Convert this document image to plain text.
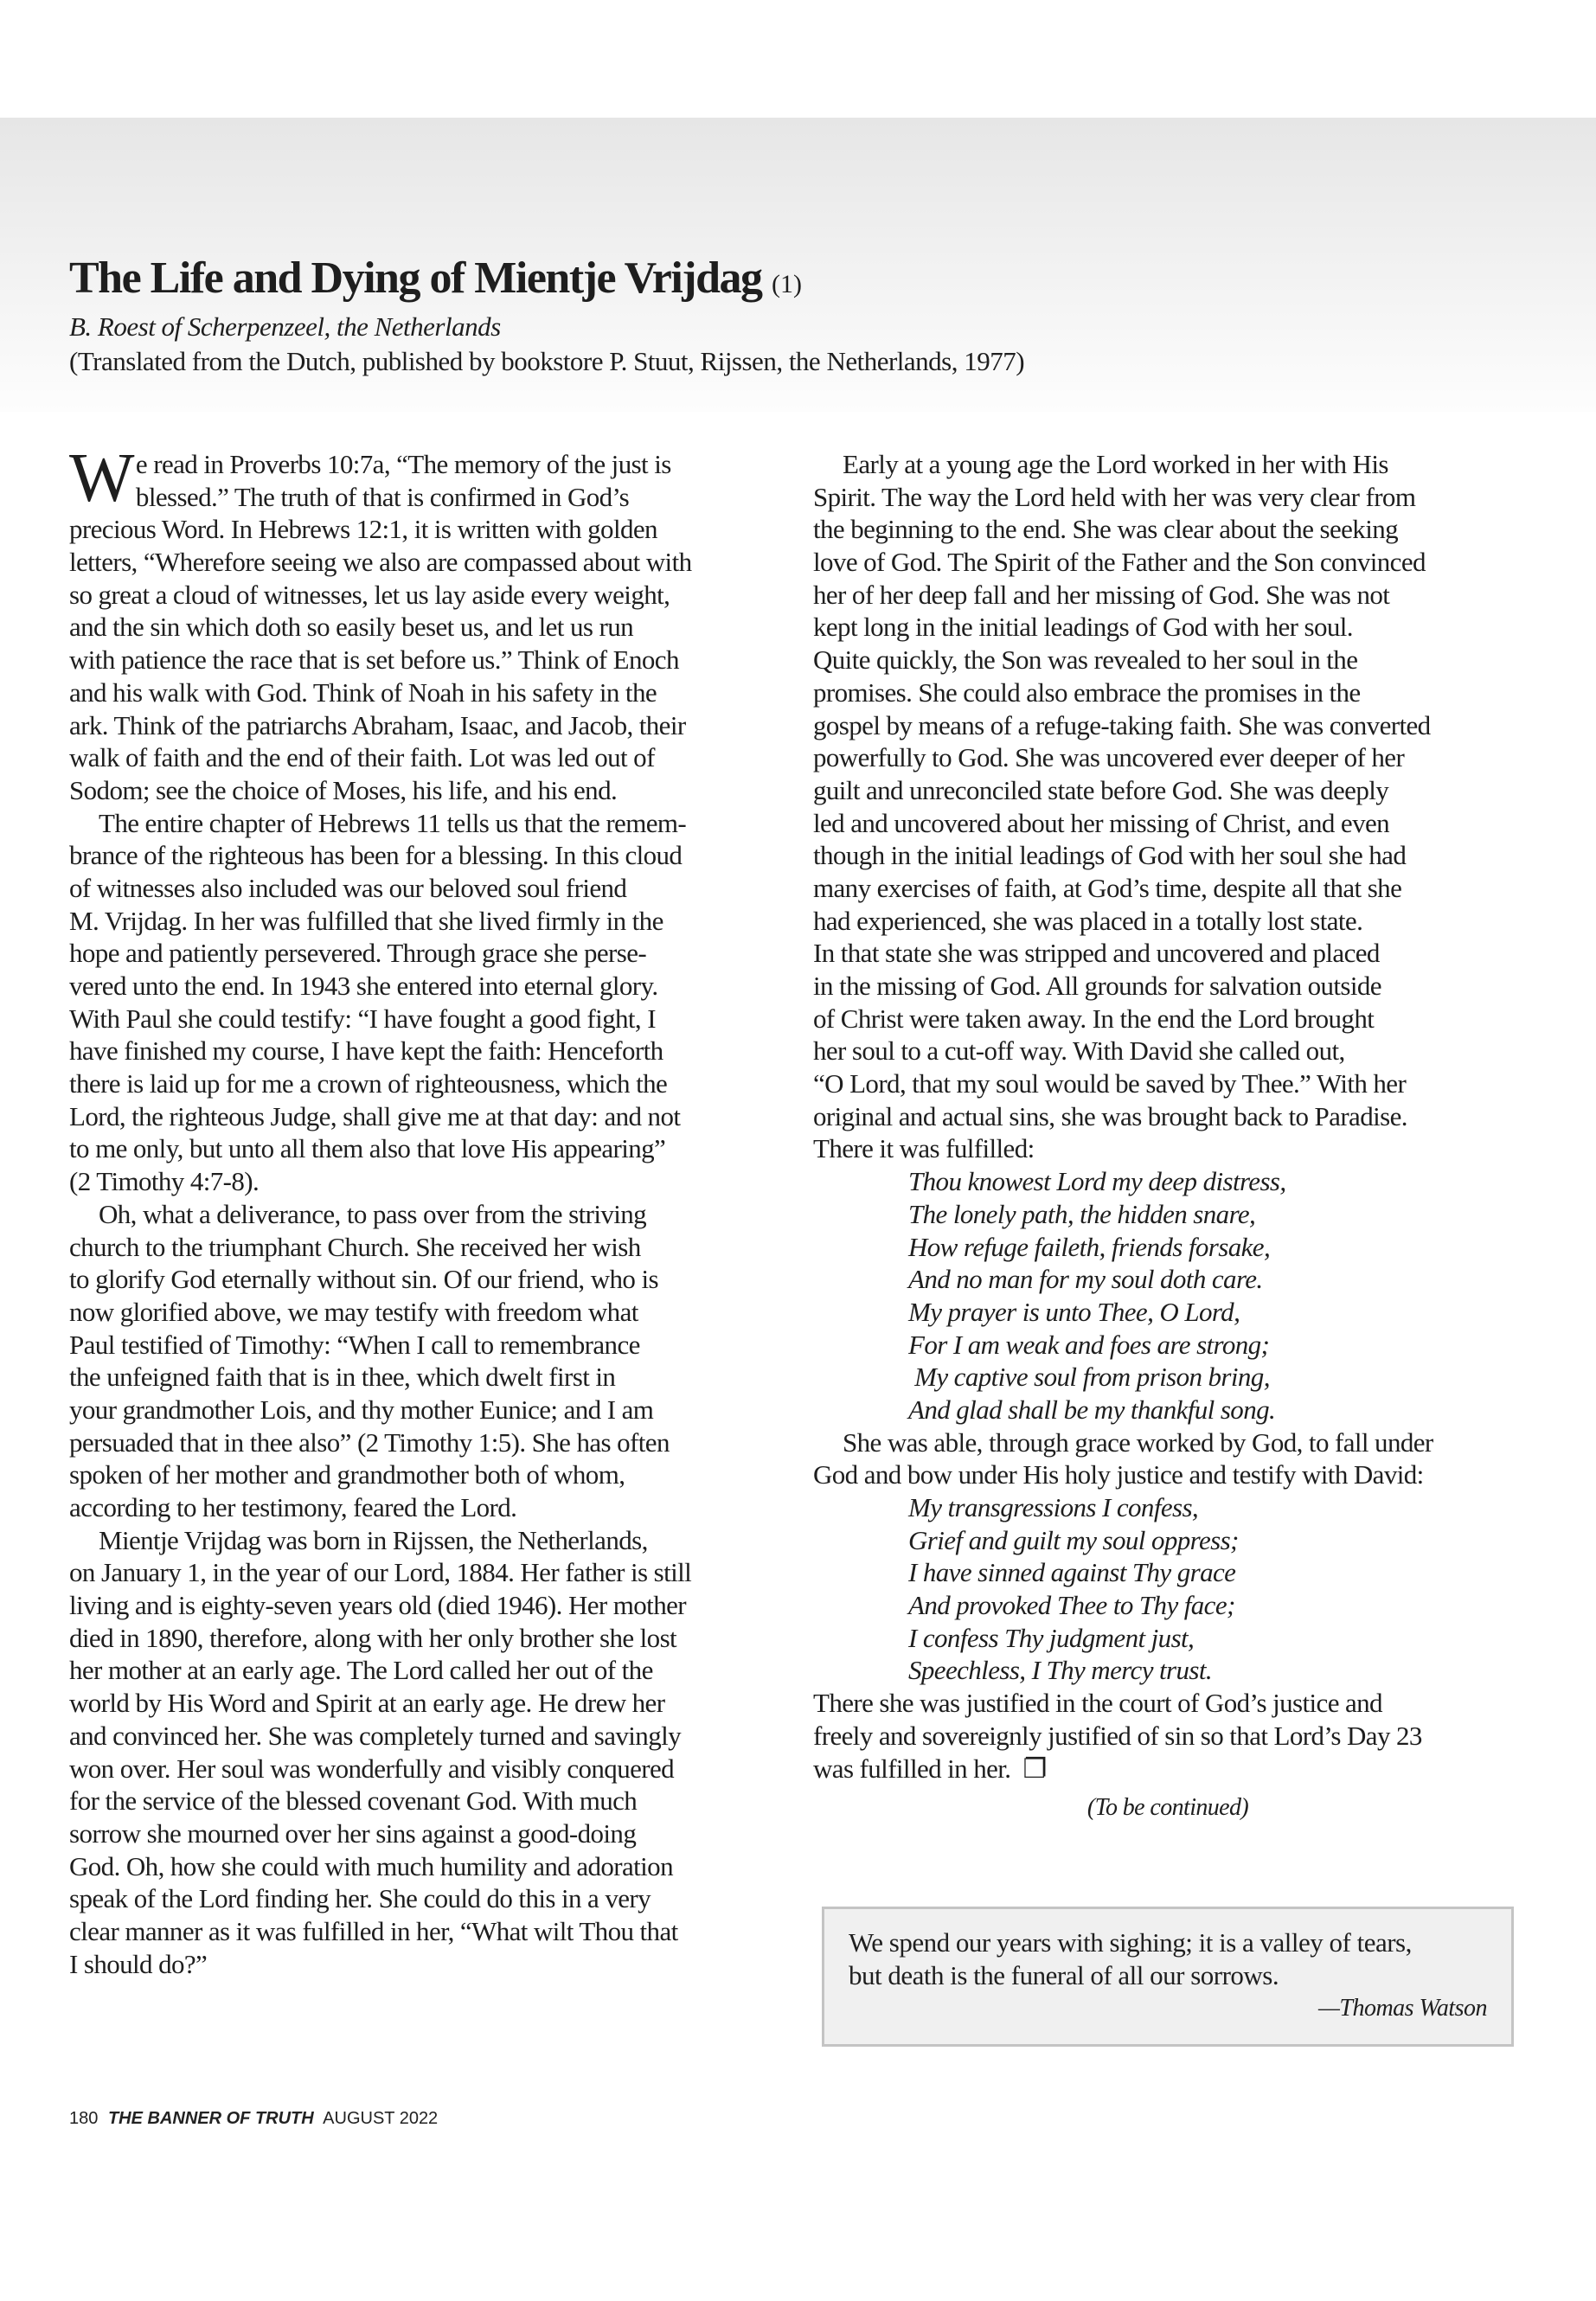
The Life and Dying of Mientje Vrijdag (1)
B. Roest of Scherpenzeel, the Netherlands
(Translated from the Dutch, published by bookstore P. Stuut, Rijssen, the Netherlands, 1977)
W e read in Proverbs 10:7a, “The memory of the just is
blessed.” The truth of that is confirmed in God’s
precious Word. In Hebrews 12:1, it is written with golden
letters, “Wherefore seeing we also are compassed about with
so great a cloud of witnesses, let us lay aside every weight,
and the sin which doth so easily beset us, and let us run
with patience the race that is set before us.” Think of Enoch
and his walk with God. Think of Noah in his safety in the
ark. Think of the patriarchs Abraham, Isaac, and Jacob, their
walk of faith and the end of their faith. Lot was led out of
Sodom; see the choice of Moses, his life, and his end.
The entire chapter of Hebrews 11 tells us that the remem-
brance of the righteous has been for a blessing. In this cloud
of witnesses also included was our beloved soul friend
M. Vrijdag. In her was fulfilled that she lived firmly in the
hope and patiently persevered. Through grace she perse-
vered unto the end. In 1943 she entered into eternal glory.
With Paul she could testify: “I have fought a good fight, I
have finished my course, I have kept the faith: Henceforth
there is laid up for me a crown of righteousness, which the
Lord, the righteous Judge, shall give me at that day: and not
to me only, but unto all them also that love His appearing”
(2 Timothy 4:7-8).
Oh, what a deliverance, to pass over from the striving
church to the triumphant Church. She received her wish
to glorify God eternally without sin. Of our friend, who is
now glorified above, we may testify with freedom what
Paul testified of Timothy: “When I call to remembrance
the unfeigned faith that is in thee, which dwelt first in
your grandmother Lois, and thy mother Eunice; and I am
persuaded that in thee also” (2 Timothy 1:5). She has often
spoken of her mother and grandmother both of whom,
according to her testimony, feared the Lord.
Mientje Vrijdag was born in Rijssen, the Netherlands,
on January 1, in the year of our Lord, 1884. Her father is still
living and is eighty-seven years old (died 1946). Her mother
died in 1890, therefore, along with her only brother she lost
her mother at an early age. The Lord called her out of the
world by His Word and Spirit at an early age. He drew her
and convinced her. She was completely turned and savingly
won over. Her soul was wonderfully and visibly conquered
for the service of the blessed covenant God. With much
sorrow she mourned over her sins against a good-doing
God. Oh, how she could with much humility and adoration
speak of the Lord finding her. She could do this in a very
clear manner as it was fulfilled in her, “What wilt Thou that
I should do?”
Early at a young age the Lord worked in her with His
Spirit. The way the Lord held with her was very clear from
the beginning to the end. She was clear about the seeking
love of God. The Spirit of the Father and the Son convinced
her of her deep fall and her missing of God. She was not
kept long in the initial leadings of God with her soul.
Quite quickly, the Son was revealed to her soul in the
promises. She could also embrace the promises in the
gospel by means of a refuge-taking faith. She was converted
powerfully to God. She was uncovered ever deeper of her
guilt and unreconciled state before God. She was deeply
led and uncovered about her missing of Christ, and even
though in the initial leadings of God with her soul she had
many exercises of faith, at God’s time, despite all that she
had experienced, she was placed in a totally lost state.
In that state she was stripped and uncovered and placed
in the missing of God. All grounds for salvation outside
of Christ were taken away. In the end the Lord brought
her soul to a cut-off way. With David she called out,
“O Lord, that my soul would be saved by Thee.” With her
original and actual sins, she was brought back to Paradise.
There it was fulfilled:
Thou knowest Lord my deep distress,
The lonely path, the hidden snare,
How refuge faileth, friends forsake,
And no man for my soul doth care.
My prayer is unto Thee, O Lord,
For I am weak and foes are strong;
My captive soul from prison bring,
And glad shall be my thankful song.
She was able, through grace worked by God, to fall under
God and bow under His holy justice and testify with David:
My transgressions I confess,
Grief and guilt my soul oppress;
I have sinned against Thy grace
And provoked Thee to Thy face;
I confess Thy judgment just,
Speechless, I Thy mercy trust.
There she was justified in the court of God’s justice and
freely and sovereignly justified of sin so that Lord’s Day 23
was fulfilled in her. ❐
(To be continued)
We spend our years with sighing; it is a valley of tears,
but death is the funeral of all our sorrows.
—Thomas Watson
180 THE BANNER OF TRUTH AUGUST 2022
